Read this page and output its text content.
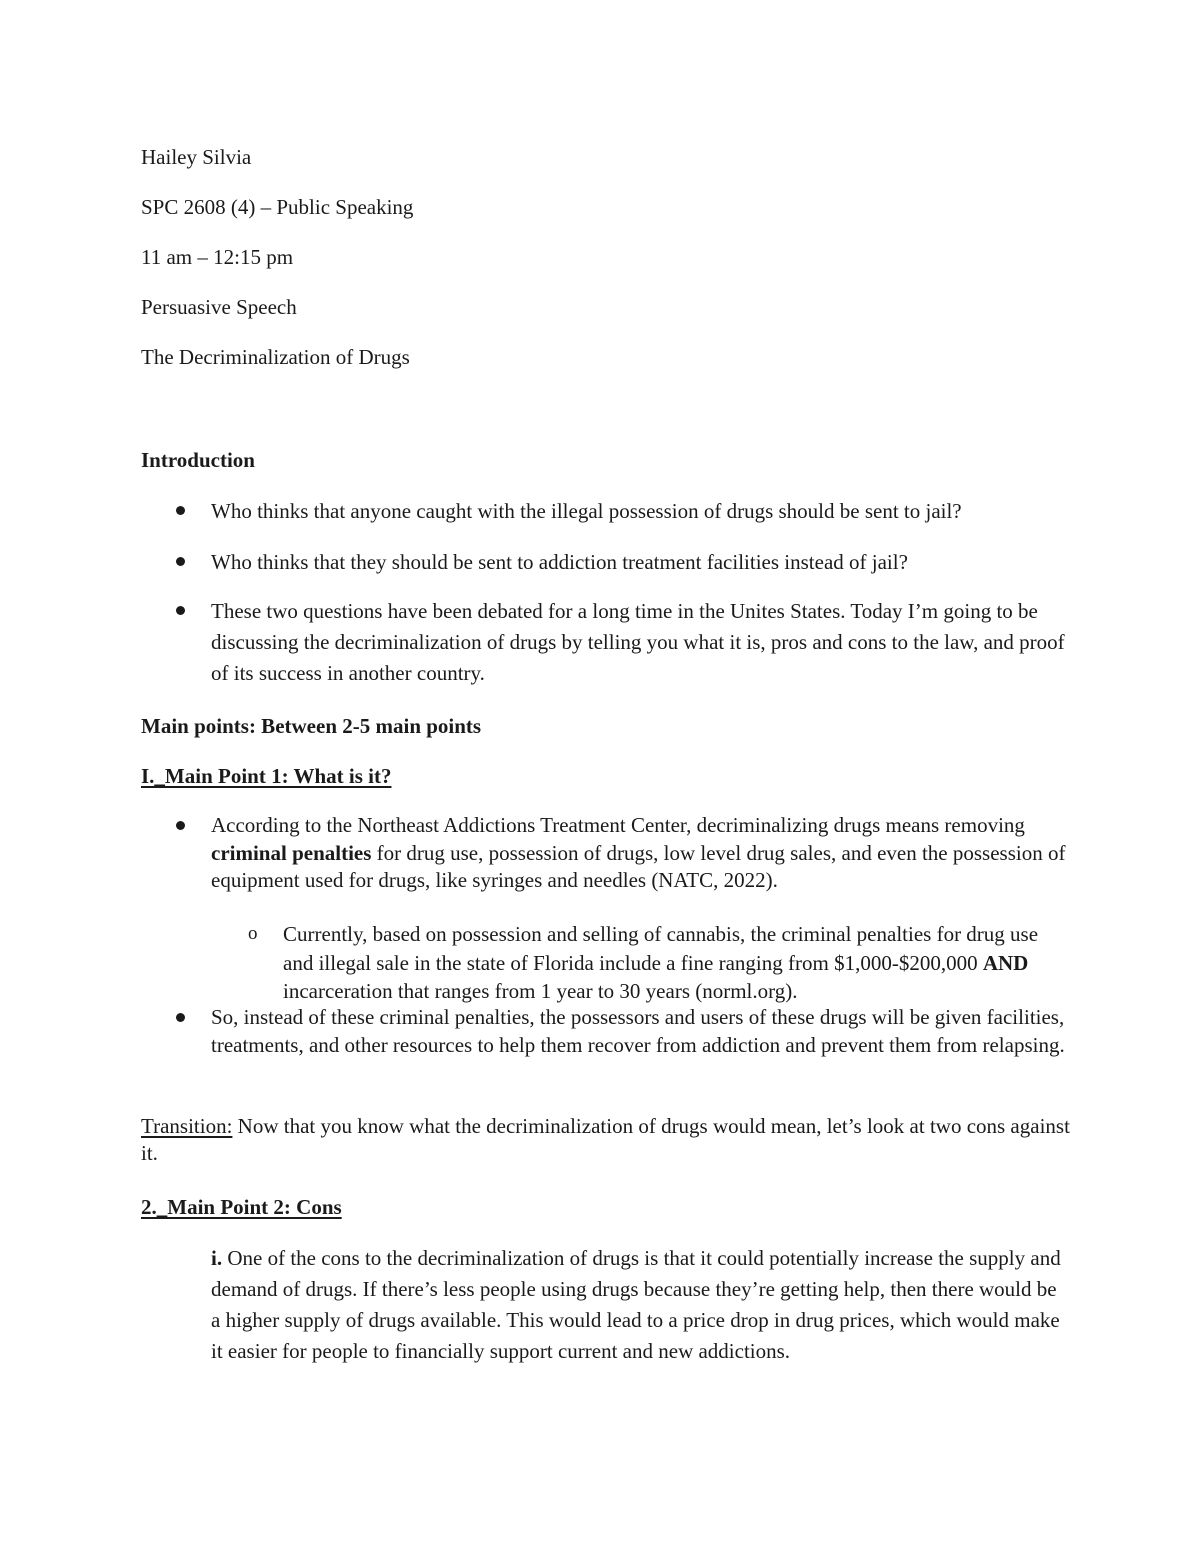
Hailey Silvia
SPC 2608 (4) – Public Speaking
11 am – 12:15 pm
Persuasive Speech
The Decriminalization of Drugs
Introduction
Who thinks that anyone caught with the illegal possession of drugs should be sent to jail?
Who thinks that they should be sent to addiction treatment facilities instead of jail?
These two questions have been debated for a long time in the Unites States. Today I’m going to be discussing the decriminalization of drugs by telling you what it is, pros and cons to the law, and proof of its success in another country.
Main points: Between 2-5 main points
I._Main Point 1: What is it?
According to the Northeast Addictions Treatment Center, decriminalizing drugs means removing criminal penalties for drug use, possession of drugs, low level drug sales, and even the possession of equipment used for drugs, like syringes and needles (NATC, 2022).
o Currently, based on possession and selling of cannabis, the criminal penalties for drug use and illegal sale in the state of Florida include a fine ranging from $1,000-$200,000 AND incarceration that ranges from 1 year to 30 years (norml.org).
So, instead of these criminal penalties, the possessors and users of these drugs will be given facilities, treatments, and other resources to help them recover from addiction and prevent them from relapsing.
Transition: Now that you know what the decriminalization of drugs would mean, let’s look at two cons against it.
2._Main Point 2: Cons
i. One of the cons to the decriminalization of drugs is that it could potentially increase the supply and demand of drugs. If there’s less people using drugs because they’re getting help, then there would be a higher supply of drugs available. This would lead to a price drop in drug prices, which would make it easier for people to financially support current and new addictions.
